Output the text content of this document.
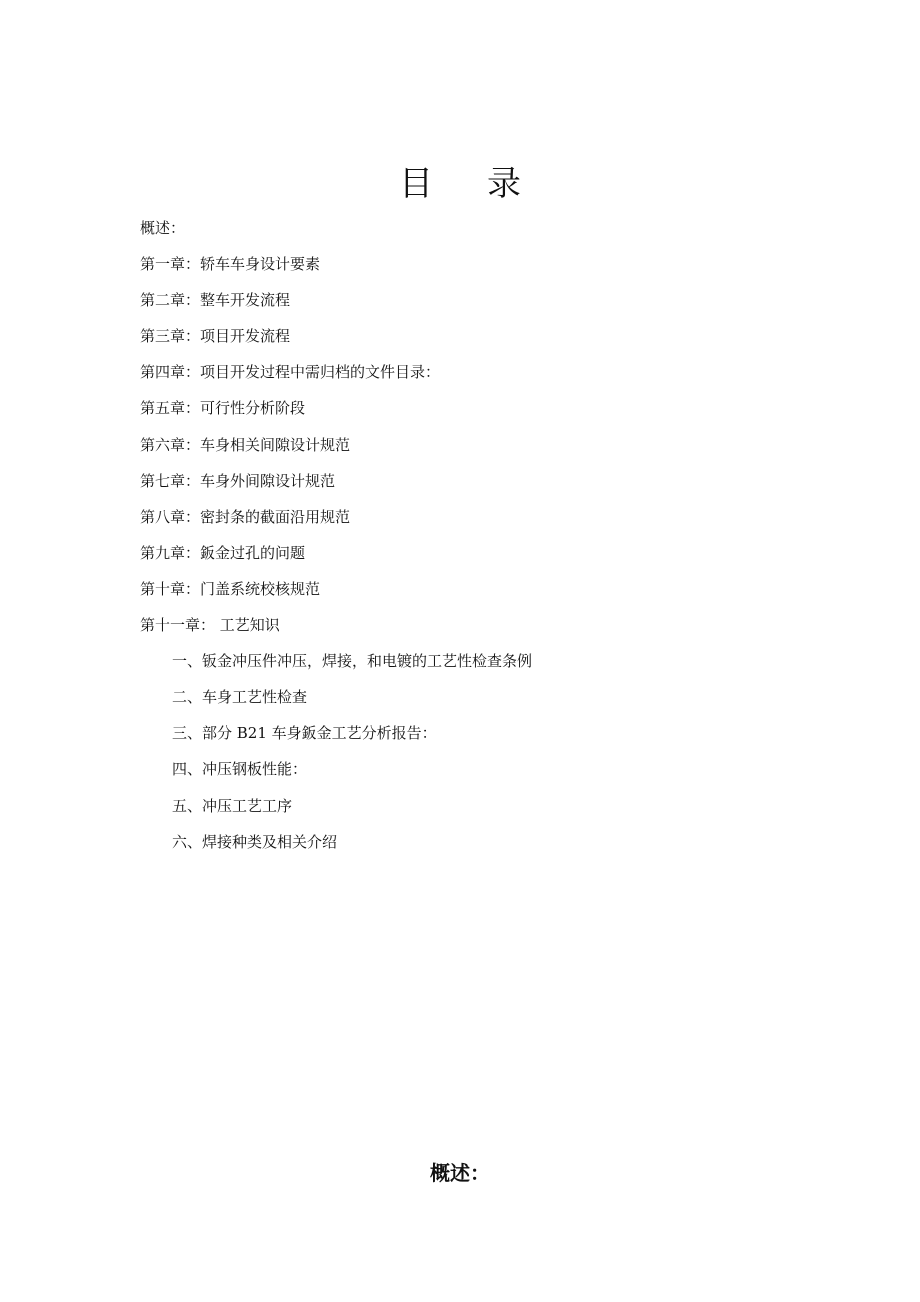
目 录
概述：
第一章：轿车车身设计要素
第二章：整车开发流程
第三章：项目开发流程
第四章：项目开发过程中需归档的文件目录：
第五章：可行性分析阶段
第六章：车身相关间隙设计规范
第七章：车身外间隙设计规范
第八章：密封条的截面沿用规范
第九章：鈑金过孔的问题
第十章：门盖系统校核规范
第十一章： 工艺知识
一、钣金冲压件冲压，焊接，和电镀的工艺性检查条例
二、车身工艺性检查
三、部分 B21 车身鈑金工艺分析报告：
四、冲压钢板性能：
五、冲压工艺工序
六、焊接种类及相关介绍
概述：
